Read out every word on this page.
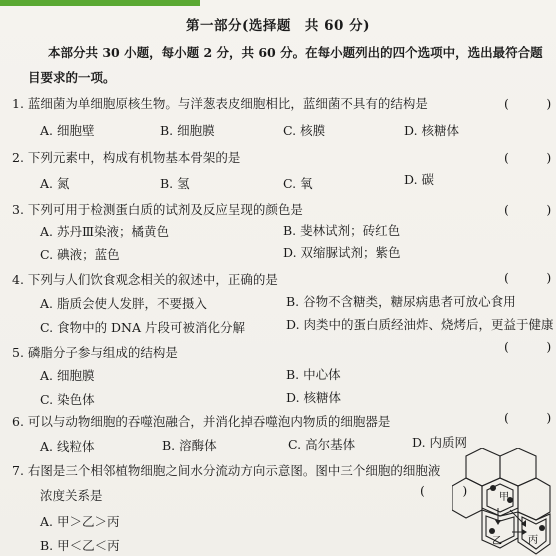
第一部分(选择题　共 60 分)
本部分共 30 小题，每小题 2 分，共 60 分。在每小题列出的四个选项中，选出最符合题目要求的一项。
1. 蓝细菌为单细胞原核生物。与洋葱表皮细胞相比，蓝细菌不具有的结构是	(　　　)
A. 细胞壁	B. 细胞膜	C. 核膜	D. 核糖体
2. 下列元素中，构成有机物基本骨架的是	(　　　)
A. 氮	B. 氢	C. 氧	D. 碳
3. 下列可用于检测蛋白质的试剂及反应呈现的颜色是	(　　　)
A. 苏丹Ⅲ染液；橘黄色	B. 斐林试剂；砖红色
C. 碘液；蓝色	D. 双缩脲试剂；紫色
4. 下列与人们饮食观念相关的叙述中，正确的是	(　　　)
A. 脂质会使人发胖，不要摄入	B. 谷物不含糖类，糖尿病患者可放心食用
C. 食物中的 DNA 片段可被消化分解	D. 肉类中的蛋白质经油炸、烧烤后，更益于健康
5. 磷脂分子参与组成的结构是	(　　　)
A. 细胞膜	B. 中心体
C. 染色体	D. 核糖体
6. 可以与动物细胞的吞噬泡融合，并消化掉吞噬泡内物质的细胞器是	(　　　)
A. 线粒体	B. 溶酶体	C. 高尔基体	D. 内质网
7. 右图是三个相邻植物细胞之间水分流动方向示意图。图中三个细胞的细胞液
浓度关系是	(　　　)
A. 甲＞乙＞丙
B. 甲＜乙＜丙
甲
乙	丙
